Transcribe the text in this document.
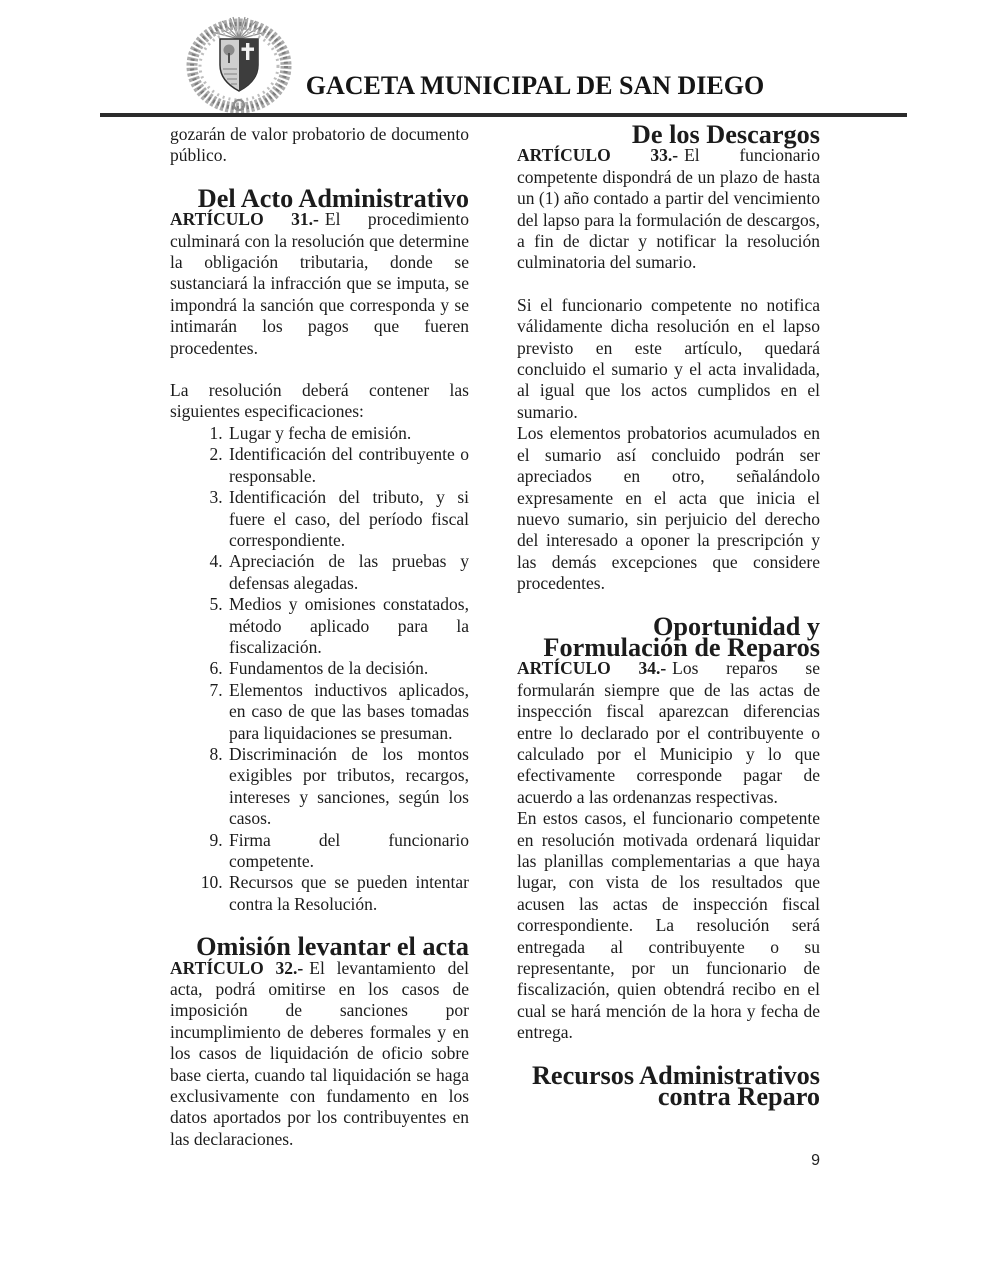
GACETA MUNICIPAL DE SAN DIEGO

gozarán de valor probatorio de documento público.

Del Acto Administrativo

ARTÍCULO 31.- El procedimiento culminará con la resolución que determine la obligación tributaria, donde se sustanciará la infracción que se imputa, se impondrá la sanción que corresponda y se intimarán los pagos que fueren procedentes.

La resolución deberá contener las siguientes especificaciones:

1. Lugar y fecha de emisión.
2. Identificación del contribuyente o responsable.
3. Identificación del tributo, y si fuere el caso, del período fiscal correspondiente.
4. Apreciación de las pruebas y defensas alegadas.
5. Medios y omisiones constatados, método aplicado para la fiscalización.
6. Fundamentos de la decisión.
7. Elementos inductivos aplicados, en caso de que las bases tomadas para liquidaciones se presuman.
8. Discriminación de los montos exigibles por tributos, recargos, intereses y sanciones, según los casos.
9. Firma del funcionario competente.
10. Recursos que se pueden intentar contra la Resolución.
Omisión levantar el acta

ARTÍCULO 32.- El levantamiento del acta, podrá omitirse en los casos de imposición de sanciones por incumplimiento de deberes formales y en los casos de liquidación de oficio sobre base cierta, cuando tal liquidación se haga exclusivamente con fundamento en los datos aportados por los contribuyentes en las declaraciones.

De los Descargos

ARTÍCULO 33.- El funcionario competente dispondrá de un plazo de hasta un (1) año contado a partir del vencimiento del lapso para la formulación de descargos, a fin de dictar y notificar la resolución culminatoria del sumario.

Si el funcionario competente no notifica válidamente dicha resolución en el lapso previsto en este artículo, quedará concluido el sumario y el acta invalidada, al igual que los actos cumplidos en el sumario.

Los elementos probatorios acumulados en el sumario así concluido podrán ser apreciados en otro, señalándolo expresamente en el acta que inicia el nuevo sumario, sin perjuicio del derecho del interesado a oponer la prescripción y las demás excepciones que considere procedentes.

Oportunidad y Formulación de Reparos

ARTÍCULO 34.- Los reparos se formularán siempre que de las actas de inspección fiscal aparezcan diferencias entre lo declarado por el contribuyente o calculado por el Municipio y lo que efectivamente corresponde pagar de acuerdo a las ordenanzas respectivas.

En estos casos, el funcionario competente en resolución motivada ordenará liquidar las planillas complementarias a que haya lugar, con vista de los resultados que acusen las actas de inspección fiscal correspondiente. La resolución será entregada al contribuyente o su representante, por un funcionario de fiscalización, quien obtendrá recibo en el cual se hará mención de la hora y fecha de entrega.

Recursos Administrativos contra Reparo
9
